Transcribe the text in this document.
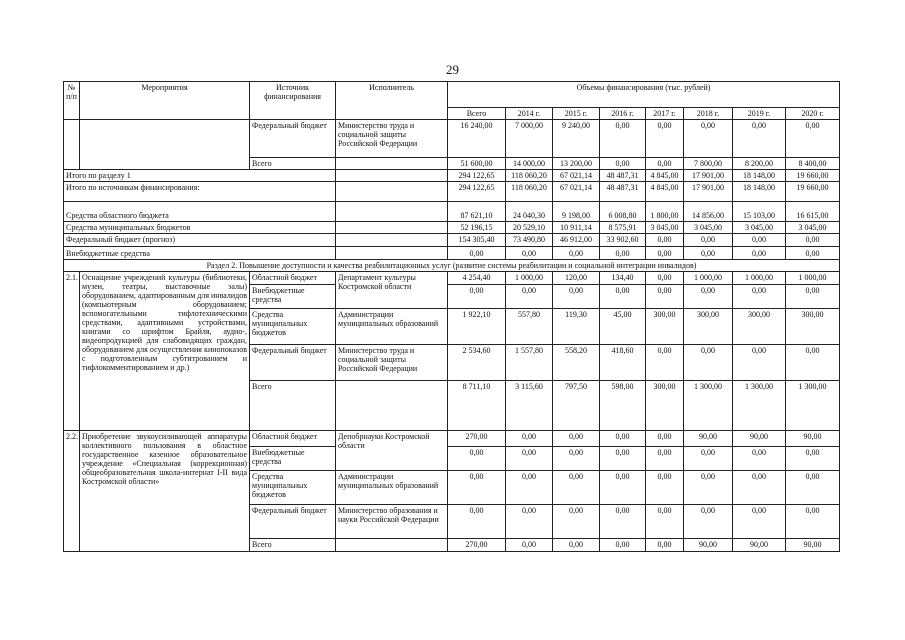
29
№ п/п	Мероприятия	Источник финансирования	Исполнитель	Объемы финансирования (тыс. рублей)							
				Всего	2014 г.	2015 г.	2016 г.	2017 г.	2018 г.	2019 г.	2020 г.
		Федеральный бюджет	Министерство труда и социальной защиты Российской Федерации	16 240,00	7 000,00	9 240,00	0,00	0,00	0,00	0,00	0,00
		Всего		51 600,00	14 000,00	13 200,00	0,00	0,00	7 800,00	8 200,00	8 400,00
Итого по разделу 1				294 122,65	118 060,20	67 021,14	48 487,31	4 845,00	17 901,00	18 148,00	19 660,00
Итого по источникам финансирования:				294 122,65	118 060,20	67 021,14	48 487,31	4 845,00	17 901,00	18 148,00	19 660,00
Средства областного бюджета				87 621,10	24 040,30	9 198,00	6 008,80	1 800,00	14 856,00	15 103,00	16 615,00
Средства муниципальных бюджетов				52 196,15	20 529,10	10 911,14	8 575,91	3 045,00	3 045,00	3 045,00	3 045,00
Федеральный бюджет (прогноз)				154 305,40	73 490,80	46 912,00	33 902,60	0,00	0,00	0,00	0,00
Внебюджетные средства				0,00	0,00	0,00	0,00	0,00	0,00	0,00	0,00
Раздел 2. Повышение доступности и качества реабилитационных услуг (развитие системы реабилитации и социальной интеграции инвалидов)											
2.1.	Оснащение учреждений культуры (библиотеки, музеи, театры, выставочные залы) оборудованием, адаптированным для инвалидов (компьютерным оборудованием; вспомогательными тифлотехническими средствами, адаптивными устройствами, книгами со шрифтом Брайля, аудио-, видеопродукцией для слабовидящих граждан, оборудованием для осуществления кинопоказов с подготовленным субтитрованием и тифлокомментированием и др.)	Областной бюджет	Департамент культуры Костромской области	4 254,40	1 000,00	120,00	134,40	0,00	1 000,00	1 000,00	1 000,00
		Внебюджетные средства		0,00	0,00	0,00	0,00	0,00	0,00	0,00	0,00
		Средства муниципальных бюджетов	Администрации муниципальных образований	1 922,10	557,80	119,30	45,00	300,00	300,00	300,00	300,00
		Федеральный бюджет	Министерство труда и социальной защиты Российской Федерации	2 534,60	1 557,80	558,20	418,60	0,00	0,00	0,00	0,00
		Всего		8 711,10	3 115,60	797,50	598,00	300,00	1 300,00	1 300,00	1 300,00
2.2.	Приобретение звукоусиливающей аппаратуры коллективного пользования в областное государственное казенное образовательное учреждение «Специальная (коррекционная) общеобразовательная школа-интернат I-II вида Костромской области»	Областной бюджет	Депобрнауки Костромской области	270,00	0,00	0,00	0,00	0,00	90,00	90,00	90,00
		Внебюджетные средства		0,00	0,00	0,00	0,00	0,00	0,00	0,00	0,00
		Средства муниципальных бюджетов	Администрации муниципальных образований	0,00	0,00	0,00	0,00	0,00	0,00	0,00	0,00
		Федеральный бюджет	Министерство образования и науки Российской Федерации	0,00	0,00	0,00	0,00	0,00	0,00	0,00	0,00
		Всего		270,00	0,00	0,00	0,00	0,00	90,00	90,00	90,00
